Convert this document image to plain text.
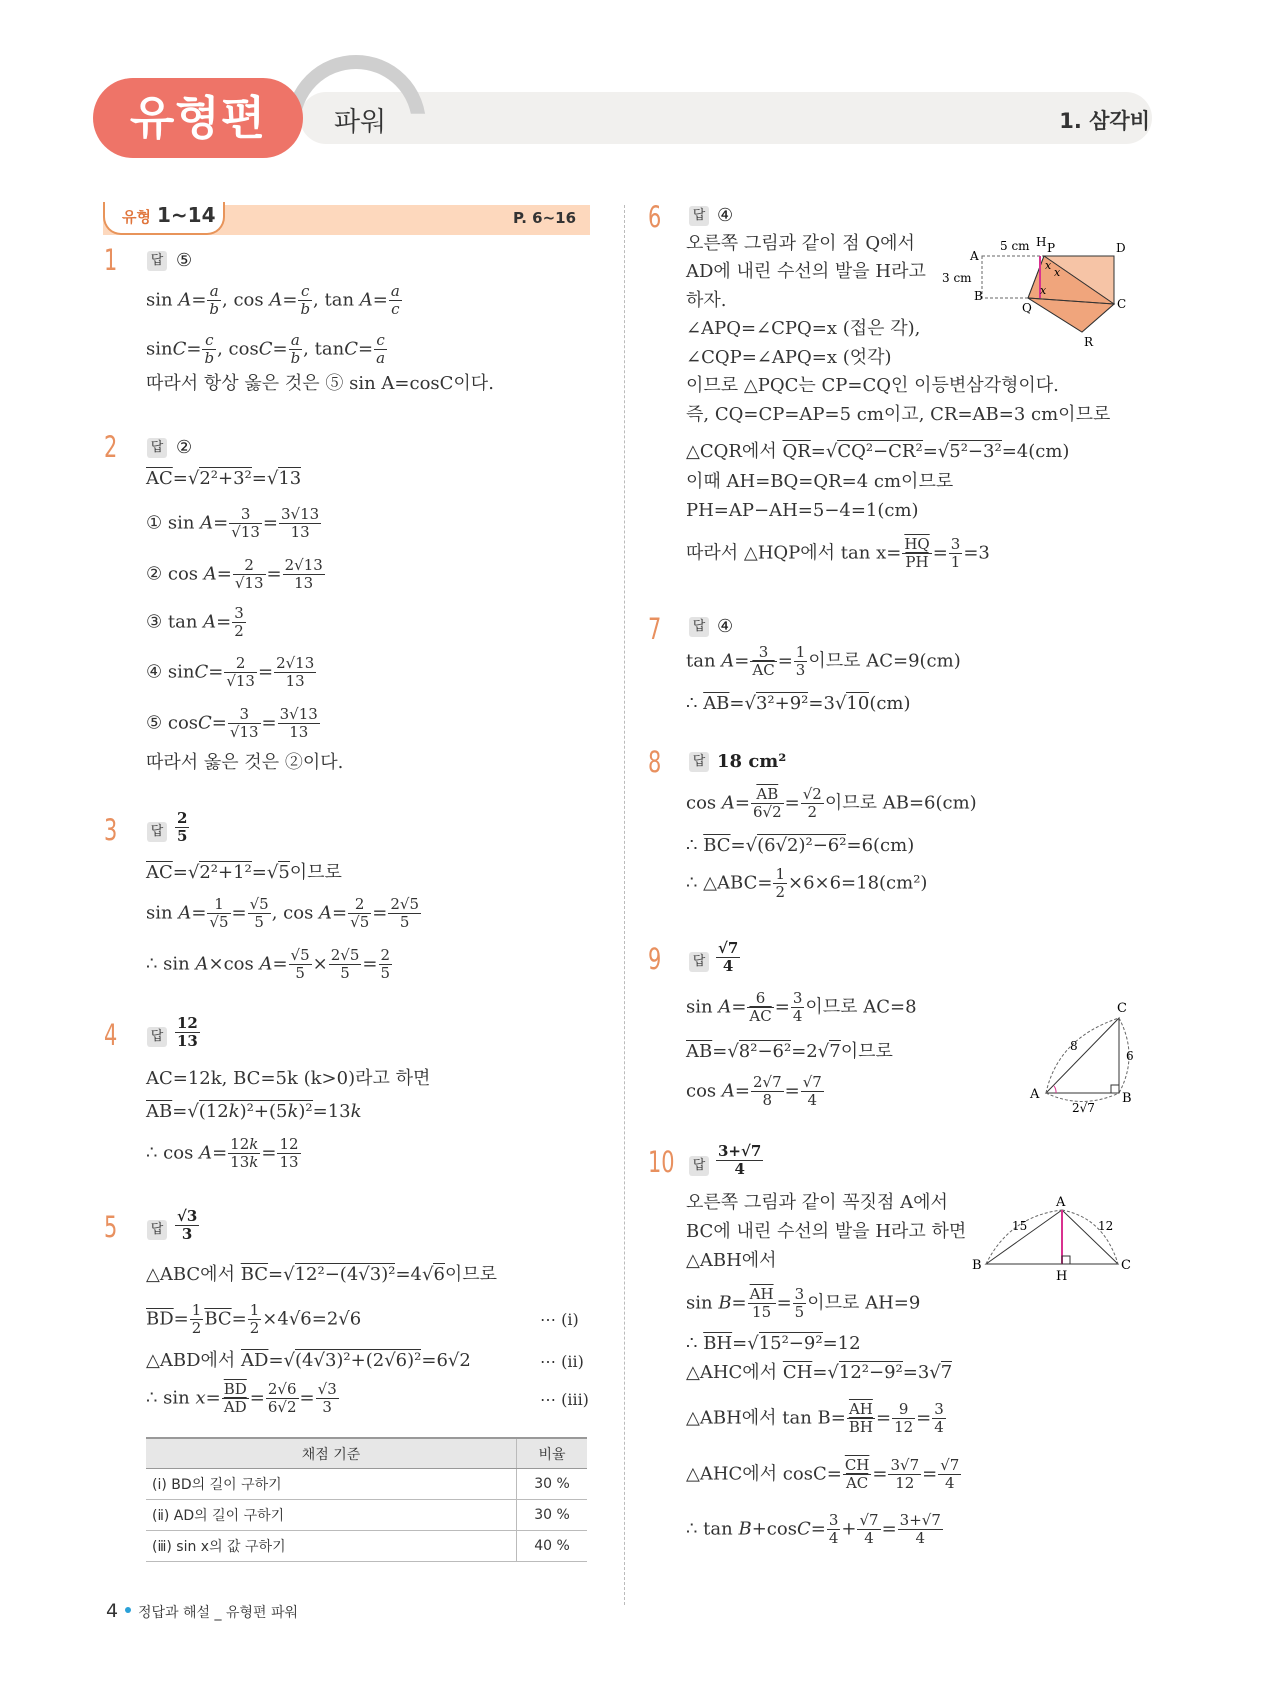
유형편	파워	1. 삼각비
유형 1~14	P. 6~16
1	답 ⑤
$\sin A= \frac{a}{b}$ , $\cos A= \frac{c}{b}$ , $\tan A= \frac{a}{c}$
$\sin C= \frac{c}{b}$ , $\cos C= \frac{a}{b}$ , $\tan C= \frac{c}{a}$
따라서 항상 옳은 것은 ⑤ sin A=cosC이다.
2	답 ②
$\overline{AC}=√2^2+3^2=√13$
① $\sin A= \frac{3}{√13} = \frac{3√13}{13}$
② $\cos A= \frac{2}{√13} = \frac{2√13}{13}$
③ $\tan A= \frac{3}{2}$
④ $\sin C= \frac{2}{√13} = \frac{2√13}{13}$
⑤ $\cos C= \frac{3}{√13} = \frac{3√13}{13}$
따라서 옳은 것은 ②이다.
3	답 $\frac{2}{5}$
$\overline{AC}=√2^2+1^2=√5$이므로
$\sin A= \frac{1}{√5} = \frac{√5}{5}$ , $\cos A= \frac{2}{√5} = \frac{2√5}{5}$
∴ sin A×cos $A= \frac{√5}{5} \times \frac{2√5}{5} = \frac{2}{5}$
4	답 $\frac{12}{13}$
AC=12k, BC=5k (k>0)라고 하면
$\overline{AB}=√(12k)^2+(5k)^2=13k$
∴ $\cos A= \frac{12k}{13k} = \frac{12}{13}$
5	답 $\frac{√3}{3}$
△ABC에서 $\overline{BC}=√12^2-(4√3)^2=4√6$이므로
$\overline{BD}= \frac{1}{2} \overline{BC}= \frac{1}{2} \times 4√6=2√6$	⋯ (ⅰ)
△ABD에서 $\overline{AD}=√(4√3)^2+(2√6)^2=6√2$	⋯ (ⅱ)
∴ $\sin x= \frac{\overline{BD}}{AD} = \frac{2√6}{6√2} = \frac{√3}{3}$	⋯ (ⅲ)
채점 기준	비율
(ⅰ) BD의 길이 구하기	30 %
(ⅱ) AD의 길이 구하기	30 %
(ⅲ) sin x의 값 구하기	40 %
6 답 ④
오른쪽 그림과 같이 점 Q에서
AD에 내린 수선의 발을 H라고
하자.
∠APQ=∠CPQ=x (접은 각),
∠CQP=∠APQ=x (엇각)
이므로 △PQC는 CP=CQ인 이등변삼각형이다.
즉, CQ=CP=AP=5 cm이고, CR=AB=3 cm이므로
△CQR에서 $\overline{QR}=√CQ^2-\overline{CR}^2=√5^2-3^2=4(cm)$
이때 AH=BQ=QR=4 cm이므로
PH=AP−AH=5−4=1(cm)
따라서 △HQP에서 $\tan x= \frac{\overline{HQ}}{PH} = \frac{3}{1} =3$
A
5 cm H P	D
3 cm
x
x
x
B
Q	C
R
7 답 ④
$\tan A= \frac{3}{AC} = \frac{1}{3}$ 이므로 AC=9(cm)
∴ $\overline{AB}=√3^2+9^2=3√10(cm)$
8 답 18 cm²
$\cos A= \frac{\overline{AB}}{6√2} = \frac{√2}{2}$ 이므로 AB=6(cm)
∴ $\overline{BC}=√(6√2)^2-6^2=6(cm)$
∴ △ABC= $\frac{1}{2} \times 6\times 6=18(cm^2)$
9 답 $\frac{√7}{4}$
$\sin A= \frac{6}{AC} = \frac{3}{4}$ 이므로 AC=8
$\overline{AB}=√8^2-6^2=2√7$이므로
$\cos A= \frac{2√7}{8} = \frac{√7}{4}$
C
8
6
A
2√7
B
10 답 $\frac{3+√7}{4}$
오른쪽 그림과 같이 꼭짓점 A에서
BC에 내린 수선의 발을 H라고 하면
△ABH에서
$\sin B= \frac{\overline{AH}}{15} = \frac{3}{5}$ 이므로 AH=9
∴ $\overline{BH}=√15^2-9^2=12$
△AHC에서 $\overline{CH}=√12^2-9^2=3√7$
△ABH에서 $\tan B= \frac{\overline{AH}}{BH} = \frac{9}{12} = \frac{3}{4}$
△AHC에서 $\cos C= \frac{\overline{CH}}{AC} = \frac{3√7}{12} = \frac{√7}{4}$
∴ $\tan B+\cos C= \frac{3}{4} + \frac{√7}{4} = \frac{3+√7}{4}$
A
15	12
B
H
C
4 정답과 해설 _ 유형편 파워
